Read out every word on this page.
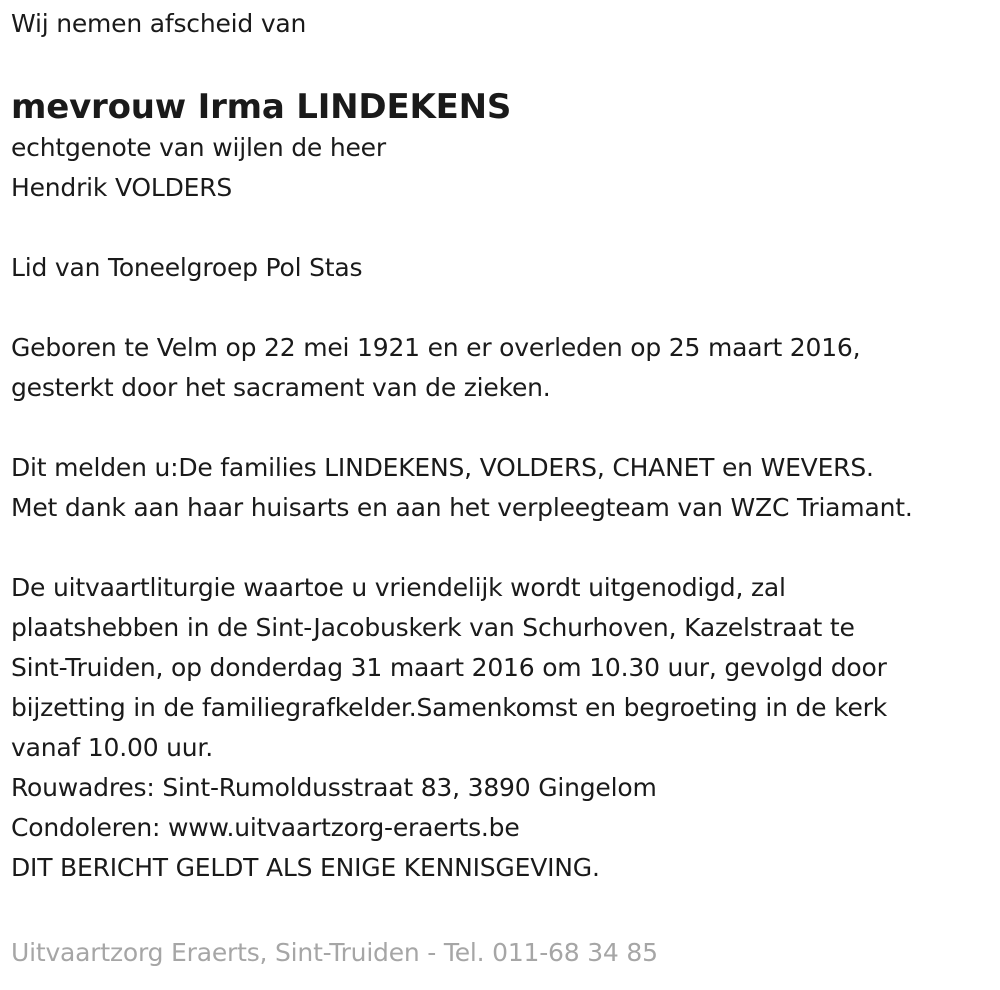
Wij nemen afscheid van
mevrouw Irma LINDEKENS
echtgenote van wijlen de heer
Hendrik VOLDERS
Lid van Toneelgroep Pol Stas
Geboren te Velm op 22 mei 1921 en er overleden op 25 maart 2016,
gesterkt door het sacrament van de zieken.
Dit melden u:De families LINDEKENS, VOLDERS, CHANET en WEVERS.
Met dank aan haar huisarts en aan het verpleegteam van WZC Triamant.
De uitvaartliturgie waartoe u vriendelijk wordt uitgenodigd, zal
plaatshebben in de Sint-Jacobuskerk van Schurhoven, Kazelstraat te
Sint-Truiden, op donderdag 31 maart 2016 om 10.30 uur, gevolgd door
bijzetting in de familiegrafkelder.Samenkomst en begroeting in de kerk
vanaf 10.00 uur.
Rouwadres: Sint-Rumoldusstraat 83, 3890 Gingelom
Condoleren: www.uitvaartzorg-eraerts.be
DIT BERICHT GELDT ALS ENIGE KENNISGEVING.
Uitvaartzorg Eraerts, Sint-Truiden - Tel. 011-68 34 85
